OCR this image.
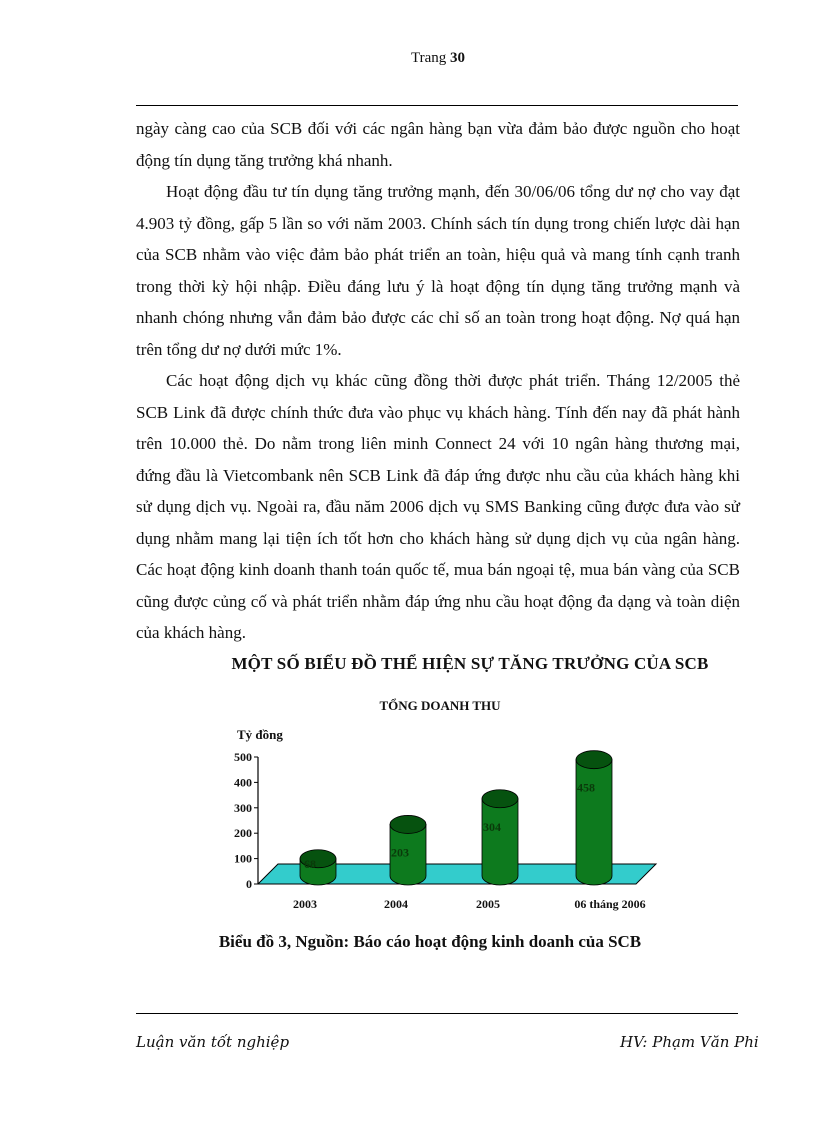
Trang 30

ngày càng cao của SCB đối với các ngân hàng bạn vừa đảm bảo được nguồn cho hoạt động tín dụng tăng trưởng khá nhanh.

Hoạt động đầu tư tín dụng tăng trưởng mạnh, đến 30/06/06 tổng dư nợ cho vay đạt 4.903 tỷ đồng, gấp 5 lần so với năm 2003. Chính sách tín dụng trong chiến lược dài hạn của SCB nhằm vào việc đảm bảo phát triển an toàn, hiệu quả và mang tính cạnh tranh trong thời kỳ hội nhập. Điều đáng lưu ý là hoạt động tín dụng tăng trưởng mạnh và nhanh chóng nhưng vẫn đảm bảo được các chỉ số an toàn trong hoạt động. Nợ quá hạn trên tổng dư nợ dưới mức 1%.

Các hoạt động dịch vụ khác cũng đồng thời được phát triển. Tháng 12/2005 thẻ SCB Link đã được chính thức đưa vào phục vụ khách hàng. Tính đến nay đã phát hành trên 10.000 thẻ. Do nằm trong liên minh Connect 24 với 10 ngân hàng thương mại, đứng đầu là Vietcombank nên SCB Link đã đáp ứng được nhu cầu của khách hàng khi sử dụng dịch vụ. Ngoài ra, đầu năm 2006 dịch vụ SMS Banking cũng được đưa vào sử dụng nhằm mang lại tiện ích tốt hơn cho khách hàng sử dụng dịch vụ của ngân hàng. Các hoạt động kinh doanh thanh toán quốc tế, mua bán ngoại tệ, mua bán vàng của SCB cũng được củng cố và phát triển nhằm đáp ứng nhu cầu hoạt động đa dạng và toàn diện của khách hàng.

MỘT SỐ BIỂU ĐỒ THỂ HIỆN SỰ TĂNG TRƯỞNG CỦA SCB
TỔNG DOANH THU
Tỷ đồng
0
100
200
300
400
500
68
2003
203
2004
304
2005
458
06 tháng 2006
Biểu đồ 3, Nguồn: Báo cáo hoạt động kinh doanh của SCB
Luận văn tốt nghiệp	HV: Phạm Văn Phi
